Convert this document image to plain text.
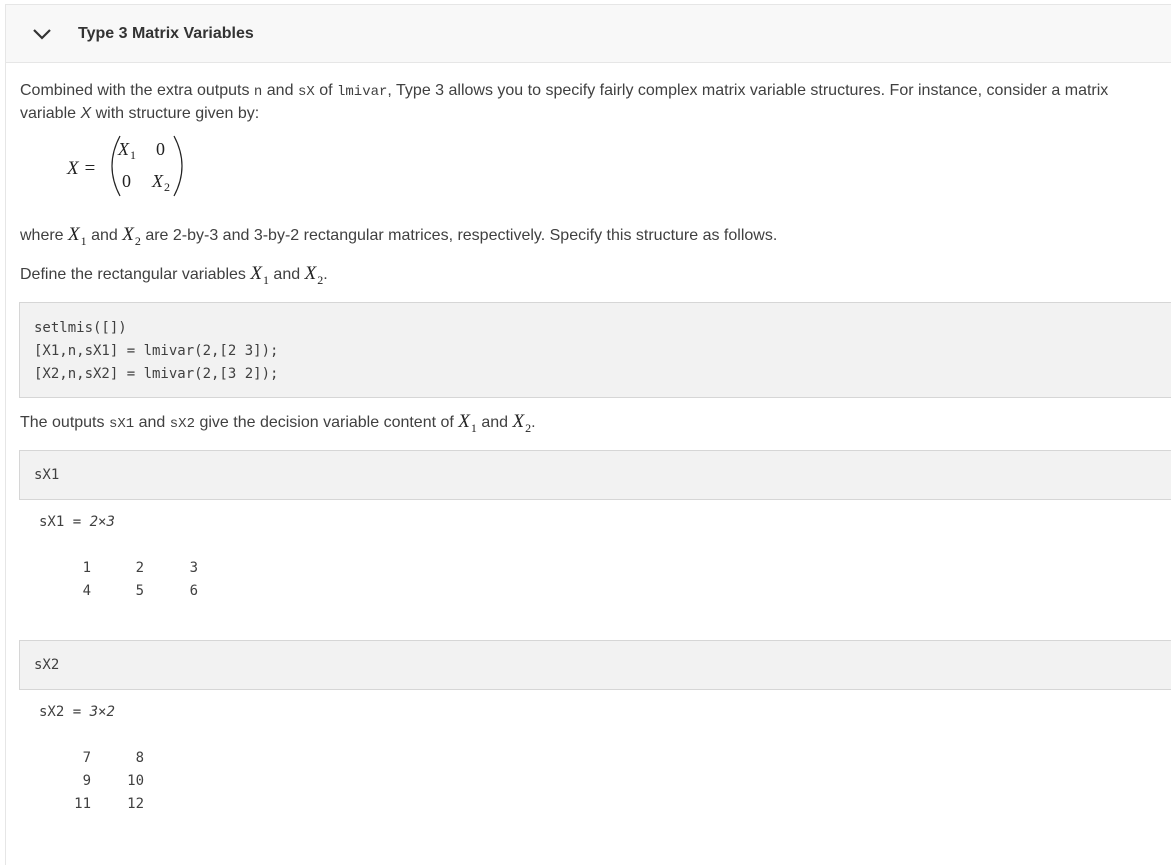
Type 3 Matrix Variables

Combined with the extra outputs n and sX of lmivar, Type 3 allows you to specify fairly complex matrix variable structures. For instance, consider a matrix

variable X with structure given by:

X =
X 1 0
0 X 2

where $X_1$ and $X_2$ are 2-by-3 and 3-by-2 rectangular matrices, respectively. Specify this structure as follows.

Define the rectangular variables $X_1$ and $X_2$.

setlmis([])
[X1,n,sX1] = lmivar(2,[2 3]);
[X2,n,sX2] = lmivar(2,[3 2]);

The outputs sX1 and sX2 give the decision variable content of $X_1$ and $X_2$.

sX1
sX1 = 2×3
1	2	3
4	5	6
sX2
sX2 = 3×2
7	8
9	10
11	12
